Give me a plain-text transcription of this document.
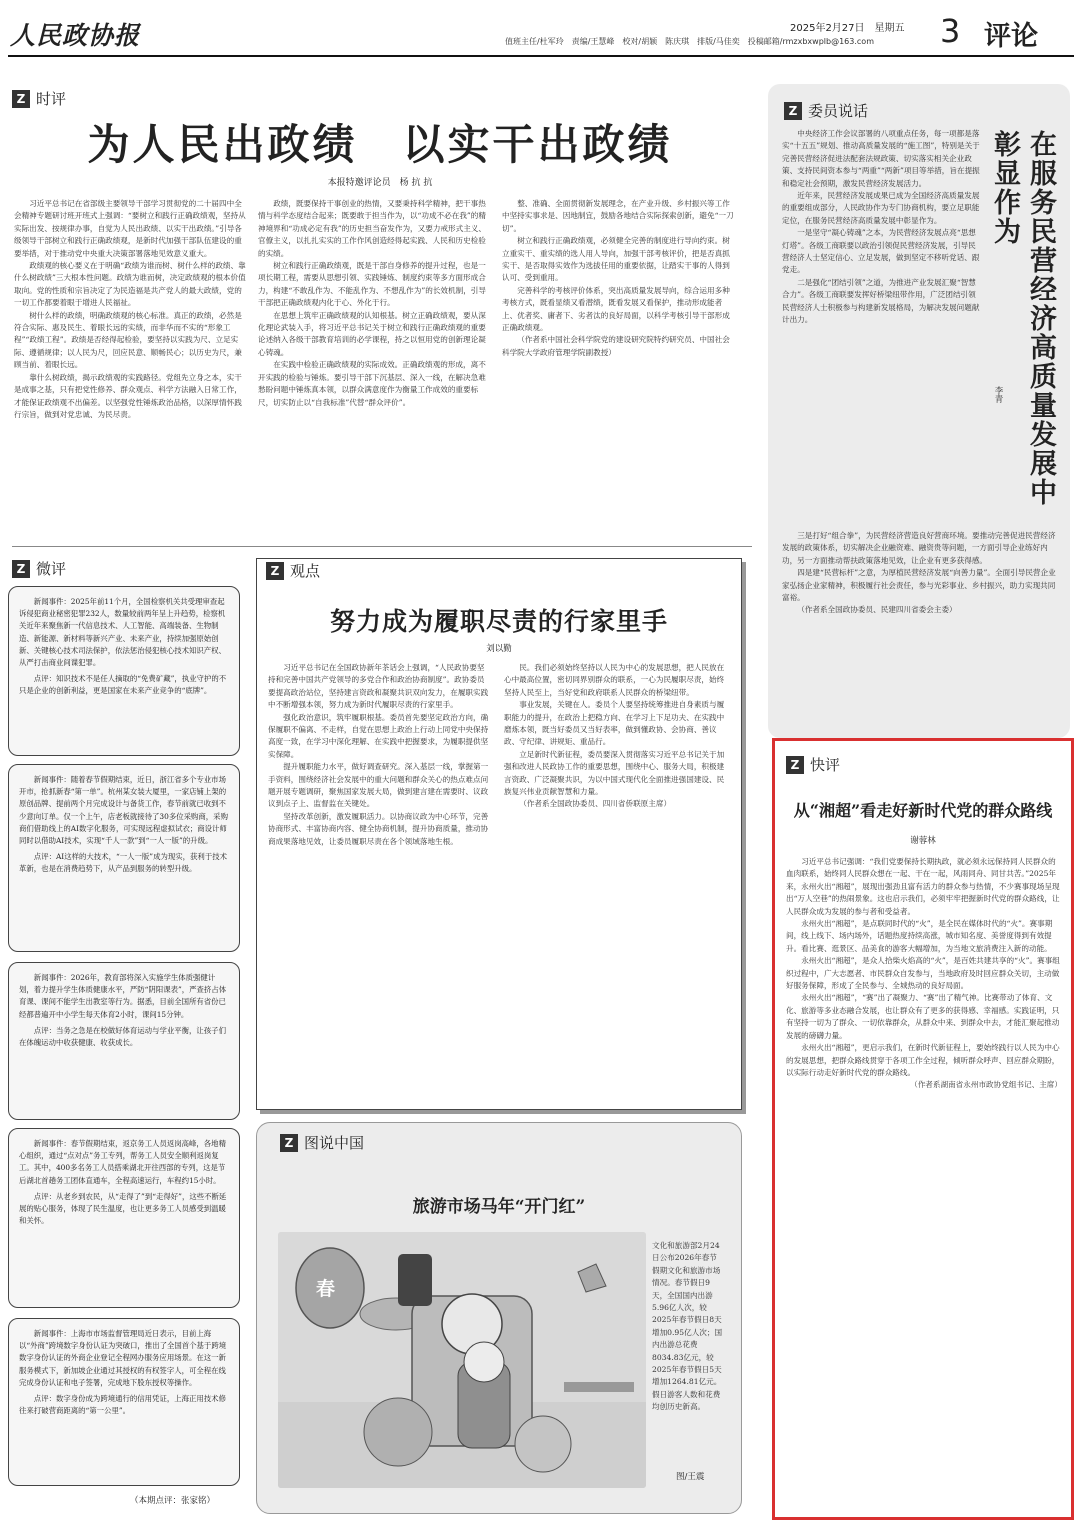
人民政协报	值班主任/杜军玲　责编/王慧峰　校对/胡颖　陈庆琪　排版/马佳奕　投稿邮箱/rmzxbxwplb@163.com
2025年2月27日　星期五 3 评论
Z 时评
为人民出政绩　以实干出政绩
本报特邀评论员　杨 抗 抗

习近平总书记在省部级主要领导干部学习贯彻党的二十届四中全会精神专题研讨班开班式上强调：“要树立和践行正确政绩观，坚持从实际出发、按规律办事，自觉为人民出政绩、以实干出政绩。”引导各级领导干部树立和践行正确政绩观，是新时代加强干部队伍建设的重要举措，对于推动党中央重大决策部署落地见效意义重大。

政绩观的核心要义在于明确“政绩为谁而树、树什么样的政绩、靠什么树政绩”三大根本性问题。政绩为谁而树，决定政绩观的根本价值取向。党的性质和宗旨决定了为民造福是共产党人的最大政绩，党的一切工作都要着眼于增进人民福祉。

树什么样的政绩，明确政绩观的核心标准。真正的政绩，必然是符合实际、惠及民生、着眼长远的实绩，而非华而不实的“形象工程”“政绩工程”。政绩是否经得起检验，要坚持以实践为尺、立足实际、遵循规律；以人民为尺，回应民意、顺畅民心；以历史为尺，兼顾当前、着眼长远。

靠什么树政绩，揭示政绩观的实践路径。党组先立身之本，实干是成事之基，只有把党性修养、群众观点、科学方法融入日常工作，才能保证政绩观不出偏差。以坚强党性锤炼政治品格，以深厚情怀践行宗旨，做到对党忠诚、为民尽责。

政绩，既要保持干事创业的热情，又要秉持科学精神，把干事热情与科学态度结合起来；既要敢于担当作为，以“功成不必在我”的精神境界和“功成必定有我”的历史担当奋发作为，又要力戒形式主义、官僚主义，以扎扎实实的工作作风创造经得起实践、人民和历史检验的实绩。

树立和践行正确政绩观，既是干部自身修养的提升过程，也是一项长期工程，需要从思想引领、实践锤炼、制度约束等多方面形成合力，构建“不敢乱作为、不能乱作为、不想乱作为”的长效机制，引导干部把正确政绩观内化于心、外化于行。

在思想上筑牢正确政绩观的认知根基。树立正确政绩观，要从深化理论武装入手，将习近平总书记关于树立和践行正确政绩观的重要论述纳入各级干部教育培训的必学课程，持之以恒用党的创新理论凝心铸魂。

在实践中检验正确政绩观的实际成效。正确政绩观的形成，离不开实践的检验与锤炼。要引导干部下沉基层、深入一线，在解决急难愁盼问题中锤炼真本领，以群众满意度作为衡量工作成效的重要标尺，切实防止以“自我标准”代替“群众评价”。

整、准确、全面贯彻新发展理念，在产业升级、乡村振兴等工作中坚持实事求是、因地制宜，鼓励各地结合实际探索创新，避免“一刀切”。

树立和践行正确政绩观，必须健全完善的制度进行导向约束。树立重实干、重实绩的选人用人导向，加强干部考核评价，把是否真抓实干、是否取得实效作为选拔任用的重要依据，让踏实干事的人得到认可、受到重用。

完善科学的考核评价体系，突出高质量发展导向，综合运用多种考核方式，既看显绩又看潜绩，既看发展又看保护，推动形成能者上、优者奖、庸者下、劣者汰的良好局面，以科学考核引导干部形成正确政绩观。

（作者系中国社会科学院党的建设研究院特约研究员、中国社会科学院大学政府管理学院副教授）

Z 微评

新闻事件：2025年前11个月，全国检察机关共受理审查起诉侵犯商业秘密犯罪232人，数量较前两年呈上升趋势，检察机关近年来聚焦新一代信息技术、人工智能、高端装备、生物制造、新能源、新材料等新兴产业、未来产业，持续加强原始创新、关键核心技术司法保护，依法惩治侵犯核心技术知识产权、从严打击商业间谍犯罪。

点评：知识技术不是任人摘取的“免费矿藏”，执业守护的不只是企业的创新利益，更是国家在未来产业竞争的“底牌”。

新闻事件：随着春节假期结束，近日，浙江省多个专业市场开市，抢抓新春“第一单”。杭州某女装大厦里，一家店铺上架的原创品牌、提前两个月完成设计与备货工作，春节前就已收到不少意向订单。仅一个上午，店老板就接待了30多位采购商，采购商们借助线上的AI数字化服务，可实现远程虚拟试衣；商设计师同时以借助AI技术，实现“千人一款”到“一人一版”的升级。

点评：AI这样的大技术，“一人一版”成为现实，获利于技术革新，也是在消费趋势下，从产品到服务的转型升级。

新闻事件：2026年，教育部将深入实施学生体质强健计划，着力提升学生体质健康水平，严防“阴阳课表”，严查挤占体育课、课间不能学生出教室等行为。据悉，目前全国所有省份已经都普遍开中小学生每天体育2小时，课间15分钟。

点评：当务之急是在校做好体育运动与学业平衡，让孩子们在体魄运动中收获健康、收获成长。

新闻事件：春节假期结束，返京务工人员返岗高峰，各地精心组织，通过“点对点”务工专列，帮务工人员安全顺利返岗复工。其中，400多名务工人员搭乘湖北开往西部的专列，这是节后湖北首趟务工团体直通车，全程高速运行，车程约15小时。

点评：从老乡到农民，从“走得了”到“走得好”，这些不断延展的贴心服务，体现了民生温度，也让更多务工人员感受到温暖和关怀。

新闻事件：上海市市场监督管理局近日表示，目前上海以“外商”跨境数字身份认证为突破口，推出了全国首个基于跨境数字身份认证的外商企业登记全程网办服务应用场景。在这一新服务模式下，新加坡企业通过其授权的有权签字人，可全程在线完成身份认证和电子签署，完成地下股东授权等操作。

点评：数字身份成为跨境通行的信用凭证，上海正用技术修往来打破营商距离的“第一公里”。

（本期点评：张家铭）
Z 观点
努力成为履职尽责的行家里手
刘以勤

习近平总书记在全国政协新年茶话会上强调，“人民政协要坚持和完善中国共产党领导的多党合作和政治协商制度”。政协委员要提高政治站位，坚持建言资政和凝聚共识双向发力，在履职实践中不断增强本领，努力成为新时代履职尽责的行家里手。

强化政治意识，筑牢履职根基。委员首先要坚定政治方向，确保履职不偏离、不走样，自觉在思想上政治上行动上同党中央保持高度一致，在学习中深化理解、在实践中把握要求，为履职提供坚实保障。

提升履职能力水平，做好调查研究。深入基层一线，掌握第一手资料，围绕经济社会发展中的重大问题和群众关心的热点难点问题开展专题调研，聚焦国家发展大局，做到建言建在需要时、议政议到点子上、监督监在关键处。

坚持改革创新，激发履职活力。以协商议政为中心环节，完善协商形式、丰富协商内容、健全协商机制，提升协商质量，推动协商成果落地见效，让委员履职尽责在各个领域落地生根。

民。我们必须始终坚持以人民为中心的发展思想，把人民放在心中最高位置，密切同界别群众的联系，一心为民履职尽责，始终坚持人民至上，当好党和政府联系人民群众的桥梁纽带。

事业发展，关键在人。委员个人要坚持统筹推进自身素质与履职能力的提升，在政治上把稳方向、在学习上下足功夫、在实践中磨炼本领，既当好委员又当好表率，做到懂政协、会协商、善议政、守纪律、讲规矩、重品行。

立足新时代新征程，委员要深入贯彻落实习近平总书记关于加强和改进人民政协工作的重要思想，围绕中心、服务大局，积极建言资政、广泛凝聚共识，为以中国式现代化全面推进强国建设、民族复兴伟业贡献智慧和力量。

（作者系全国政协委员、四川省侨联原主席）

Z 图说中国
旅游市场马年“开门红”
春
文化和旅游部2月24日公布2026年春节假期文化和旅游市场情况。春节假日9天，全国国内出游5.96亿人次，较2025年春节假日8天增加0.95亿人次；国内出游总花费8034.83亿元，较2025年春节假日5天增加1264.81亿元。假日游客人数和花费均创历史新高。
图/王震
Z 委员说话
在服务民营经济高质量发展中彰显作为
李青

中央经济工作会议部署的八项重点任务，每一项都是落实“十五五”规划、推动高质量发展的“施工图”，特别是关于完善民营经济促进法配套法规政策、切实落实相关企业政策、支持民间资本参与“两重”“两新”项目等举措，旨在提振和稳定社会预期，激发民营经济发展活力。

近年来，民营经济发展成果已成为全国经济高质量发展的重要组成部分，人民政协作为专门协商机构，要立足职能定位，在服务民营经济高质量发展中彰显作为。

一是坚守“凝心铸魂”之本，为民营经济发展点亮“思想灯塔”。各级工商联要以政治引领促民营经济发展，引导民营经济人士坚定信心、立足发展，做到坚定不移听党话、跟党走。

二是强化“团结引领”之道，为推进产业发展汇聚“智慧合力”。各级工商联要发挥好桥梁纽带作用，广泛团结引领民营经济人士积极参与构建新发展格局，为解决发展问题献计出力。

三是打好“组合拳”，为民营经济营造良好营商环境。要推动完善促进民营经济发展的政策体系，切实解决企业融资难、融资贵等问题，一方面引导企业练好内功，另一方面推动帮扶政策落地见效，让企业有更多获得感。

四是建“民营标杆”之意，为厚植民营经济发展“向善力量”。全面引导民营企业家弘扬企业家精神，积极履行社会责任，参与光彩事业、乡村振兴，助力实现共同富裕。

（作者系全国政协委员、民建四川省委会主委）

Z 快评
从“湘超”看走好新时代党的群众路线
谢蓉林

习近平总书记强调：“我们党要保持长期执政，就必须永远保持同人民群众的血肉联系，始终同人民群众想在一起、干在一起，风雨同舟、同甘共苦。”2025年来，永州火出“湘超”，展现出强劲且富有活力的群众参与热情，不少赛事现场呈现出“万人空巷”的热闹景象。这也启示我们，必须牢牢把握新时代党的群众路线，让人民群众成为发展的参与者和受益者。

永州火出“湘超”，是点联同时代的“火”，是全民在媒体时代的“火”。赛事期间，线上线下、场内场外，话题热度持续高涨，城市知名度、美誉度得到有效提升。看比赛、逛景区、品美食的游客大幅增加，为当地文旅消费注入新的动能。

永州火出“湘超”，是众人拾柴火焰高的“火”，是百姓共建共享的“火”。赛事组织过程中，广大志愿者、市民群众自发参与，当地政府及时回应群众关切，主动做好服务保障，形成了全民参与、全城热动的良好局面。

永州火出“湘超”，“赛”出了凝聚力、“赛”出了精气神。比赛带动了体育、文化、旅游等多业态融合发展，也让群众有了更多的获得感、幸福感。实践证明，只有坚持一切为了群众、一切依靠群众，从群众中来、到群众中去，才能汇聚起推动发展的磅礴力量。

永州火出“湘超”，更启示我们，在新时代新征程上，要始终践行以人民为中心的发展思想，把群众路线贯穿于各项工作全过程，倾听群众呼声、回应群众期盼，以实际行动走好新时代党的群众路线。

（作者系湖南省永州市政协党组书记、主席）
